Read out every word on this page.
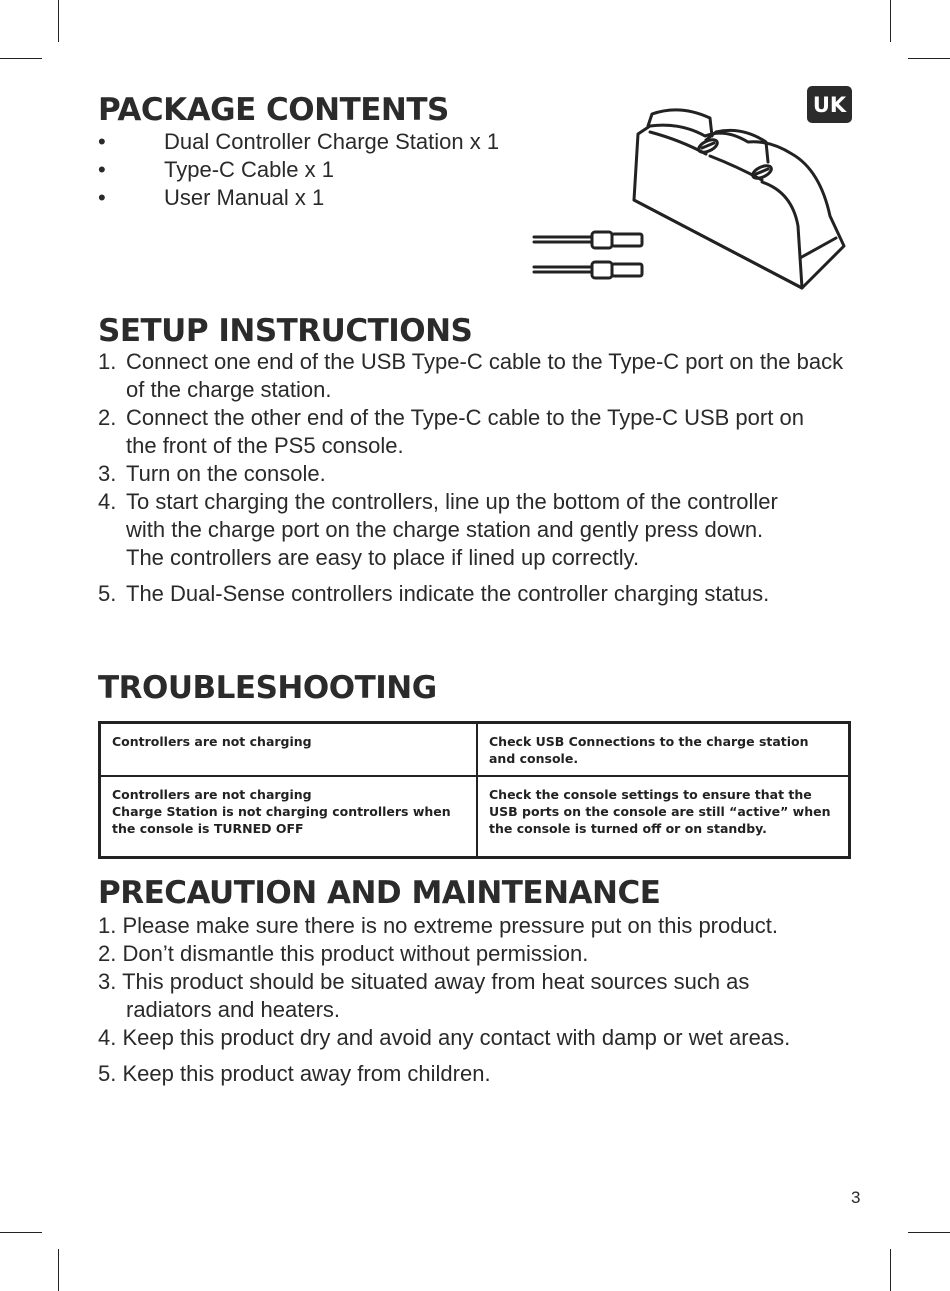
PACKAGE CONTENTS
•	Dual Controller Charge Station x 1
•	Type-C Cable x 1
•	User Manual x 1
UK
SETUP INSTRUCTIONS
1. Connect one end of the USB Type-C cable to the Type-C port on the back of the charge station.
2. Connect the other end of the Type-C cable to the Type-C USB port on the front of the PS5 console.
3. Turn on the console.
4. To start charging the controllers, line up the bottom of the controller with the charge port on the charge station and gently press down. The controllers are easy to place if lined up correctly.
5. The Dual-Sense controllers indicate the controller charging status.
TROUBLESHOOTING
Controllers are not charging	Check USB Connections to the charge station
and console.

Controllers are not charging
Charge Station is not charging controllers when
the console is TURNED OFF	Check the console settings to ensure that the
USB ports on the console are still “active” when
the console is turned off or on standby.
PRECAUTION AND MAINTENANCE
1. Please make sure there is no extreme pressure put on this product.
2. Don’t dismantle this product without permission.
3. This product should be situated away from heat sources such as radiators and heaters.
4. Keep this product dry and avoid any contact with damp or wet areas.
5. Keep this product away from children.
3
